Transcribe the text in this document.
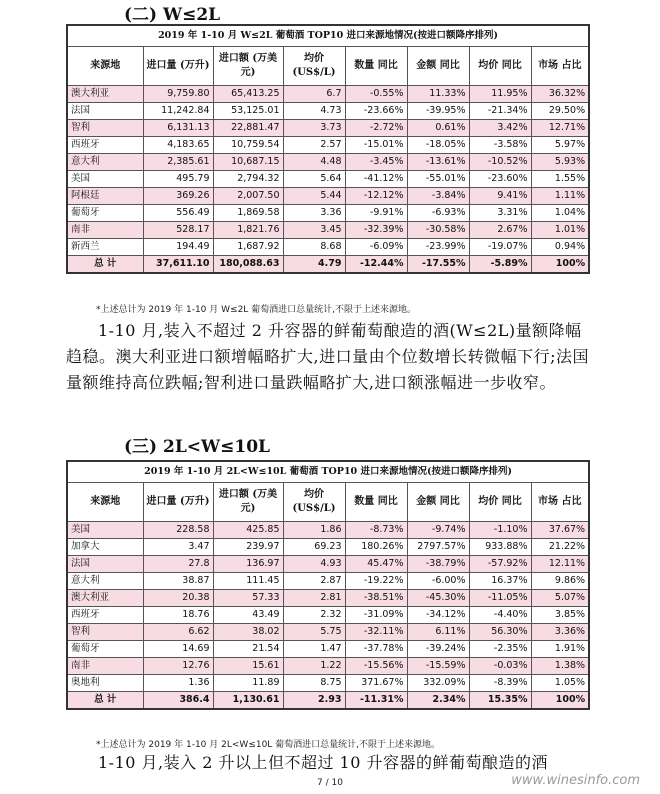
(二) W≤2L
2019 年 1-10 月 W≤2L 葡萄酒 TOP10 进口来源地情况(按进口额降序排列)							
来源地	进口量 (万升)	进口额 (万美元)	均价 (US$/L)	数量 同比	金额 同比	均价 同比	市场 占比
澳大利亚	9,759.80	65,413.25	6.7	-0.55%	11.33%	11.95%	36.32%
法国	11,242.84	53,125.01	4.73	-23.66%	-39.95%	-21.34%	29.50%
智利	6,131.13	22,881.47	3.73	-2.72%	0.61%	3.42%	12.71%
西班牙	4,183.65	10,759.54	2.57	-15.01%	-18.05%	-3.58%	5.97%
意大利	2,385.61	10,687.15	4.48	-3.45%	-13.61%	-10.52%	5.93%
美国	495.79	2,794.32	5.64	-41.12%	-55.01%	-23.60%	1.55%
阿根廷	369.26	2,007.50	5.44	-12.12%	-3.84%	9.41%	1.11%
葡萄牙	556.49	1,869.58	3.36	-9.91%	-6.93%	3.31%	1.04%
南非	528.17	1,821.76	3.45	-32.39%	-30.58%	2.67%	1.01%
新西兰	194.49	1,687.92	8.68	-6.09%	-23.99%	-19.07%	0.94%
总 计	37,611.10	180,088.63	4.79	-12.44%	-17.55%	-5.89%	100%
*上述总计为 2019 年 1-10 月 W≤2L 葡萄酒进口总量统计,不限于上述来源地。
1-10 月,装入不超过 2 升容器的鲜葡萄酿造的酒(W≤2L)量额降幅趋稳。澳大利亚进口额增幅略扩大,进口量由个位数增长转微幅下行;法国量额维持高位跌幅;智利进口量跌幅略扩大,进口额涨幅进一步收窄。
(三) 2L<W≤10L
2019 年 1-10 月 2L<W≤10L 葡萄酒 TOP10 进口来源地情况(按进口额降序排列)							
来源地	进口量 (万升)	进口额 (万美元)	均价 (US$/L)	数量 同比	金额 同比	均价 同比	市场 占比
美国	228.58	425.85	1.86	-8.73%	-9.74%	-1.10%	37.67%
加拿大	3.47	239.97	69.23	180.26%	2797.57%	933.88%	21.22%
法国	27.8	136.97	4.93	45.47%	-38.79%	-57.92%	12.11%
意大利	38.87	111.45	2.87	-19.22%	-6.00%	16.37%	9.86%
澳大利亚	20.38	57.33	2.81	-38.51%	-45.30%	-11.05%	5.07%
西班牙	18.76	43.49	2.32	-31.09%	-34.12%	-4.40%	3.85%
智利	6.62	38.02	5.75	-32.11%	6.11%	56.30%	3.36%
葡萄牙	14.69	21.54	1.47	-37.78%	-39.24%	-2.35%	1.91%
南非	12.76	15.61	1.22	-15.56%	-15.59%	-0.03%	1.38%
奥地利	1.36	11.89	8.75	371.67%	332.09%	-8.39%	1.05%
总 计	386.4	1,130.61	2.93	-11.31%	2.34%	15.35%	100%
*上述总计为 2019 年 1-10 月 2L<W≤10L 葡萄酒进口总量统计,不限于上述来源地。
1-10 月,装入 2 升以上但不超过 10 升容器的鲜葡萄酿造的酒
7 / 10	www.winesinfo.com
